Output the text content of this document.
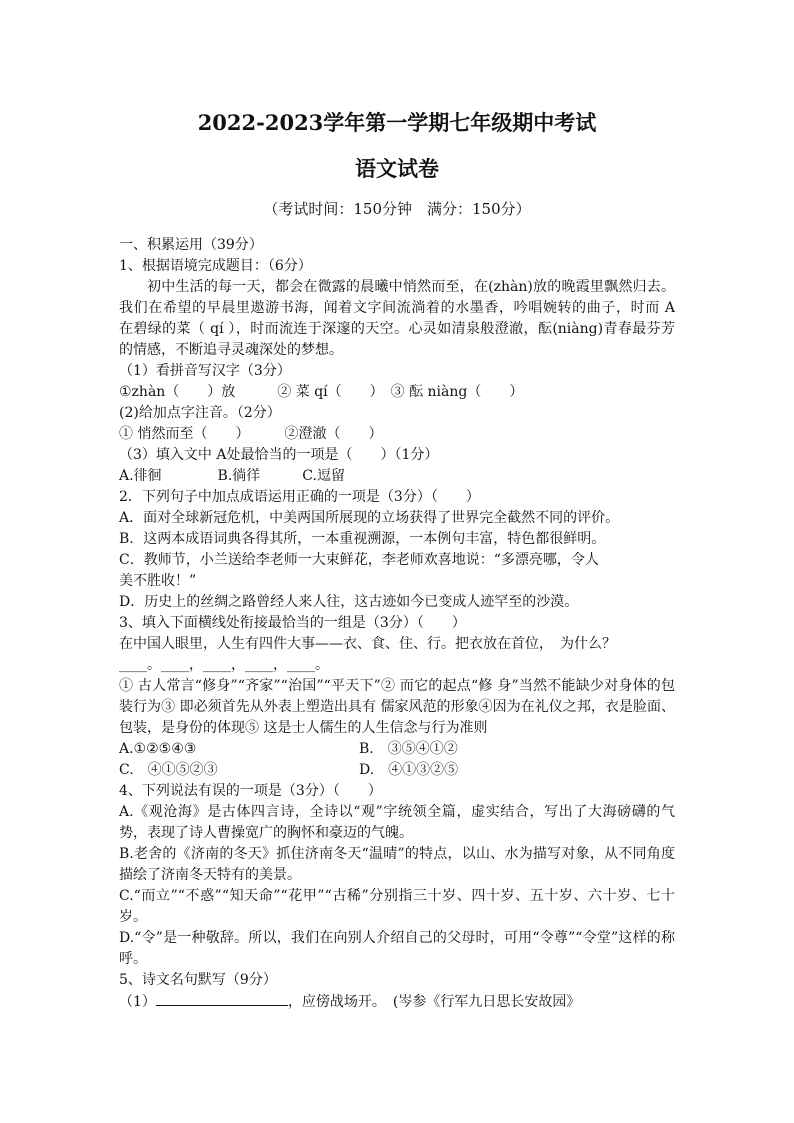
2022-2023学年第一学期七年级期中考试

语文试卷

（考试时间：150分钟　满分：150分）

一、积累运用（39分）

1、根据语境完成题目：（6分）

初中生活的每一天，都会在微露的晨曦中悄然而至，在(zhàn)放的晚霞里飘然归去。我们在希望的早晨里遨游书海，闻着文字间流淌着的水墨香，吟唱婉转的曲子，时而 A　在碧绿的菜（ qí ），时而流连于深邃的天空。心灵如清泉般澄澈，酝(niàng)青春最芬芳的情感，不断追寻灵魂深处的梦想。

（1）看拼音写汉字（3分）

①zhàn（　　）放　　　② 菜 qí（　　）　③ 酝 niàng（　　）

(2)给加点字注音。（2分）

① 悄然而至（　　）　　　②澄澈（　　）

（3）填入文中 A处最恰当的一项是（　　）（1分）

A.徘徊　　　　B.徜徉　　　C.逗留

2．下列句子中加点成语运用正确的一项是（3分）（　　）

A．面对全球新冠危机，中美两国所展现的立场获得了世界完全截然不同的评价。

B．这两本成语词典各得其所，一本重视溯源，一本例句丰富，特色都很鲜明。

C．教师节，小兰送给李老师一大束鲜花，李老师欢喜地说：“多漂亮哪，令人

美不胜收！”

D．历史上的丝绸之路曾经人来人往，这古迹如今已变成人迹罕至的沙漠。

3、填入下面横线处衔接最恰当的一组是（3分）（　　）

在中国人眼里，人生有四件大事——衣、食、住、行。把衣放在首位，　为什么？

____。____，____，____，____。

① 古人常言“修身”“齐家”“治国”“平天下”② 而它的起点“修 身”当然不能缺少对身体的包装行为③ 即必须首先从外表上塑造出具有 儒家风范的形象④因为在礼仪之邦，衣是脸面、包装，是身份的体现⑤ 这是士人儒生的人生信念与行为准则

A.①②⑤④③	B.　③⑤④①②
C.　④①⑤②③	D.　④①③②⑤

4、下列说法有误的一项是（3分）（　　）

A.《观沧海》是古体四言诗，全诗以“观”字统领全篇，虚实结合，写出了大海磅礴的气势，表现了诗人曹操宽广的胸怀和豪迈的气魄。

B.老舍的《济南的冬天》抓住济南冬天“温晴”的特点，以山、水为描写对象，从不同角度描绘了济南冬天特有的美景。

C.“而立”“不惑”“知天命”“花甲”“古稀”分别指三十岁、四十岁、五十岁、六十岁、七十岁。

D.“令”是一种敬辞。所以，我们在向别人介绍自己的父母时，可用“令尊”“令堂”这样的称呼。

5、诗文名句默写（9分）

（1）	，应傍战场开。　(岑参《行军九日思长安故园》
